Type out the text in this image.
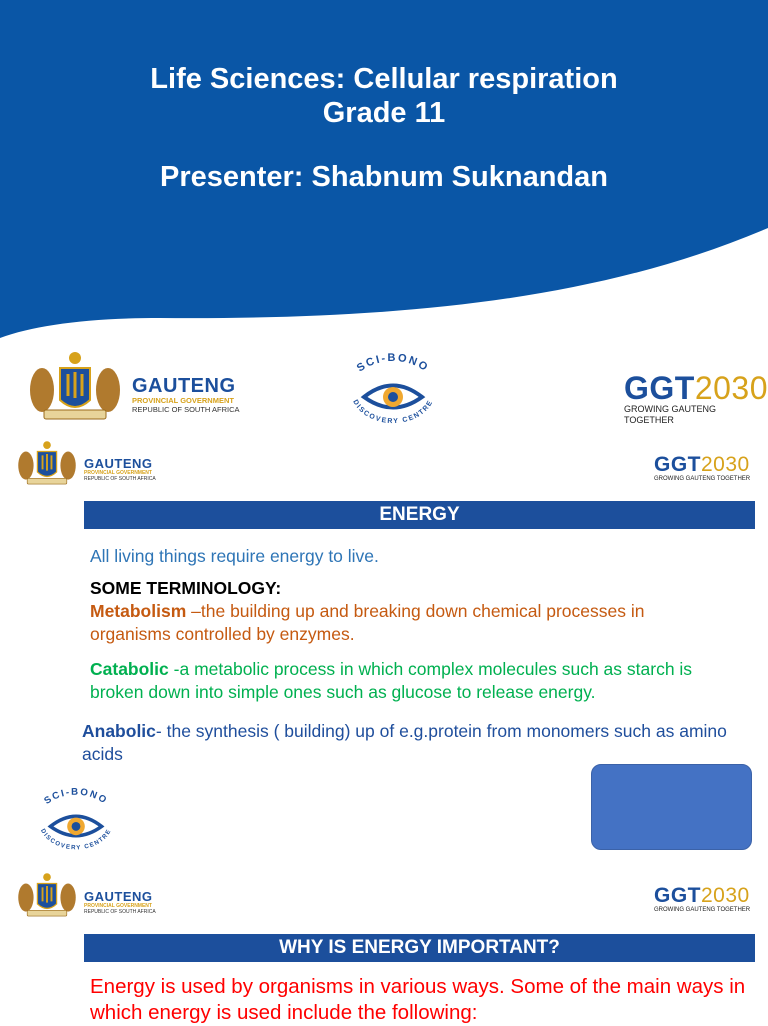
Life Sciences: Cellular respiration
Grade 11
Presenter: Shabnum Suknandan
GAUTENG
PROVINCIAL GOVERNMENT
REPUBLIC OF SOUTH AFRICA
SCI-BONO
DISCOVERY CENTRE	GGT2030
GROWING GAUTENG TOGETHER
GAUTENG
PROVINCIAL GOVERNMENT
REPUBLIC OF SOUTH AFRICA
GGT2030
GROWING GAUTENG TOGETHER
ENERGY
All living things require energy to live.
SOME TERMINOLOGY:
Metabolism –the building up and breaking down chemical processes in organisms controlled by enzymes.
Catabolic -a metabolic process in which complex molecules such as starch is broken down into simple ones such as glucose to release energy.
Anabolic- the synthesis ( building) up of e.g.protein from monomers such as amino acids
SCI-BONO
DISCOVERY CENTRE
GAUTENG
PROVINCIAL GOVERNMENT
REPUBLIC OF SOUTH AFRICA
GGT2030
GROWING GAUTENG TOGETHER
WHY IS ENERGY IMPORTANT?
Energy is used by organisms in various ways. Some of the main ways in which energy is used include the following:
